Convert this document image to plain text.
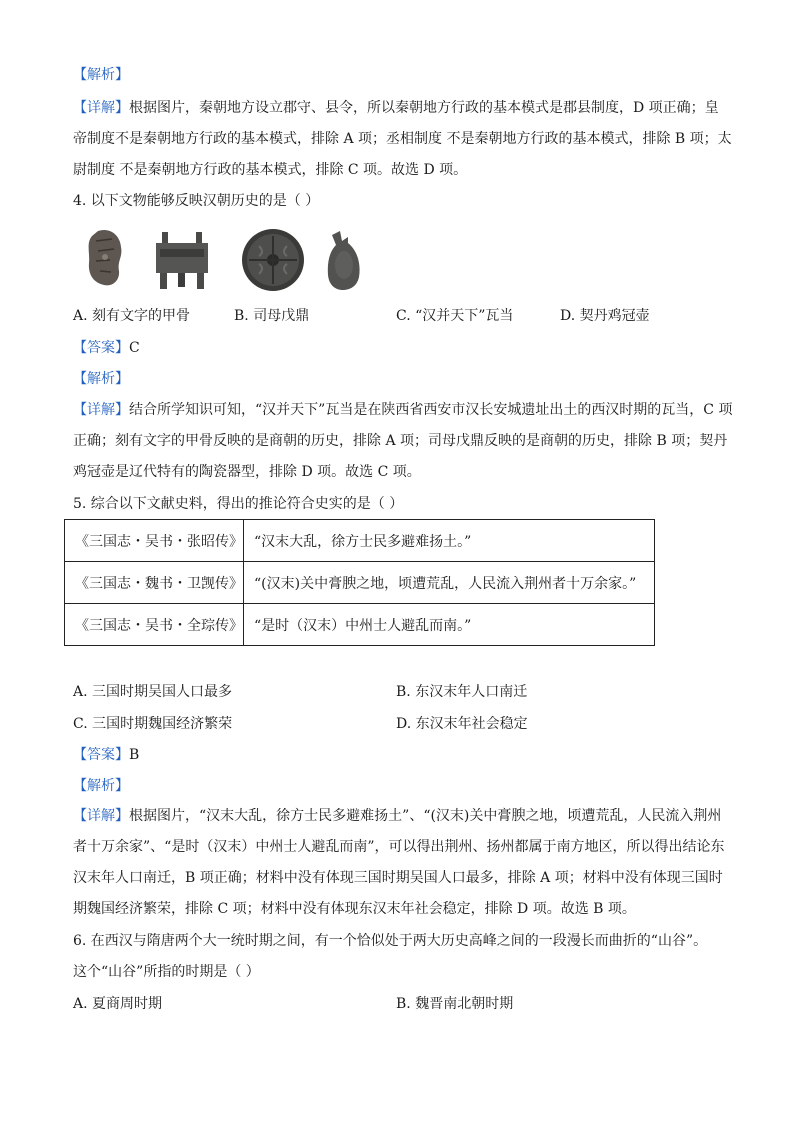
【解析】
【详解】根据图片，秦朝地方设立郡守、县令，所以秦朝地方行政的基本模式是郡县制度，D 项正确；皇
帝制度不是秦朝地方行政的基本模式，排除 A 项；丞相制度 不是秦朝地方行政的基本模式，排除 B 项；太
尉制度 不是秦朝地方行政的基本模式，排除 C 项。故选 D 项。
4. 以下文物能够反映汉朝历史的是（ ）
A. 刻有文字的甲骨	B. 司母戊鼎	C. “汉并天下”瓦当	D. 契丹鸡冠壶
【答案】C
【解析】
【详解】结合所学知识可知，“汉并天下”瓦当是在陕西省西安市汉长安城遗址出土的西汉时期的瓦当，C 项
正确；刻有文字的甲骨反映的是商朝的历史，排除 A 项；司母戊鼎反映的是商朝的历史，排除 B 项；契丹
鸡冠壶是辽代特有的陶瓷器型，排除 D 项。故选 C 项。
5. 综合以下文献史料，得出的推论符合史实的是（ ）
《三国志・吴书・张昭传》	“汉末大乱，徐方士民多避难扬土。”
《三国志・魏书・卫觊传》	“(汉末)关中膏腴之地，顷遭荒乱，人民流入荆州者十万余家。”
《三国志・吴书・全琮传》	“是时（汉末）中州士人避乱而南。”
A. 三国时期吴国人口最多	B. 东汉末年人口南迁
C. 三国时期魏国经济繁荣	D. 东汉末年社会稳定
【答案】B
【解析】
【详解】根据图片，“汉末大乱，徐方士民多避难扬土”、“(汉末)关中膏腴之地，顷遭荒乱，人民流入荆州
者十万余家”、“是时（汉末）中州士人避乱而南”，可以得出荆州、扬州都属于南方地区，所以得出结论东
汉末年人口南迁，B 项正确；材料中没有体现三国时期吴国人口最多，排除 A 项；材料中没有体现三国时
期魏国经济繁荣，排除 C 项；材料中没有体现东汉末年社会稳定，排除 D 项。故选 B 项。
6. 在西汉与隋唐两个大一统时期之间，有一个恰似处于两大历史高峰之间的一段漫长而曲折的“山谷”。
这个“山谷”所指的时期是（ ）
A. 夏商周时期	B. 魏晋南北朝时期
